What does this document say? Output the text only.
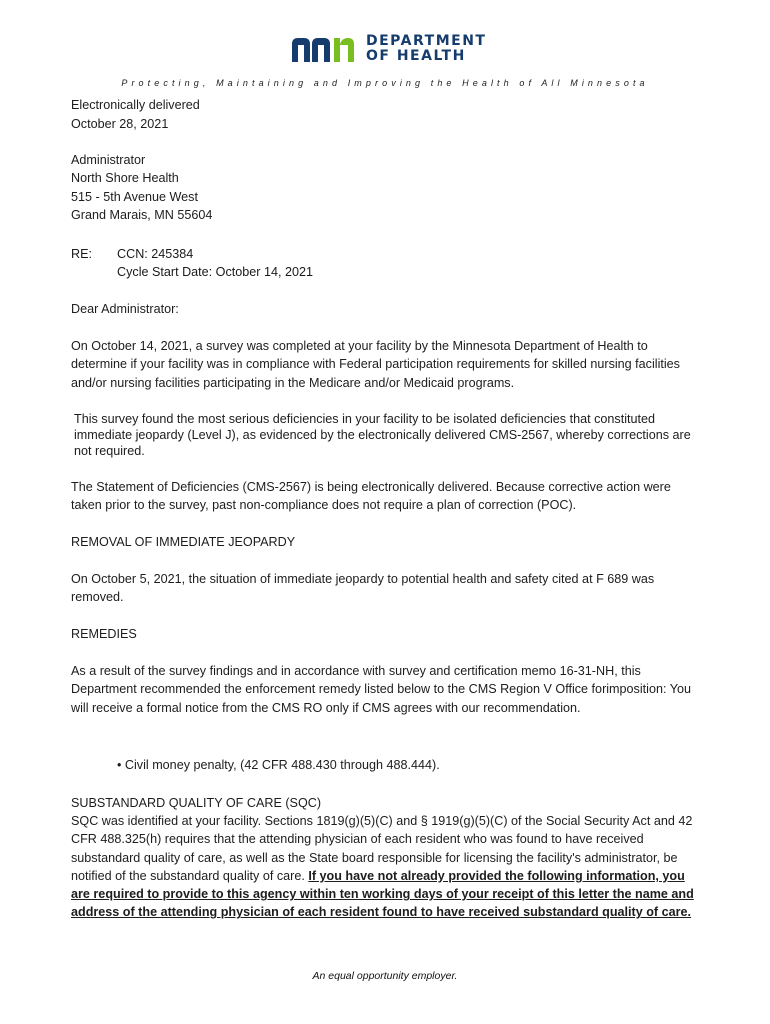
DEPARTMENT
OF HEALTH
Protecting, Maintaining and Improving the Health of All Minnesota
Electronically delivered
October 28, 2021
Administrator
North Shore Health
515 - 5th Avenue West
Grand Marais, MN 55604
RE: CCN: 245384
Cycle Start Date: October 14, 2021
Dear Administrator:
On October 14, 2021, a survey was completed at your facility by the Minnesota Department of Health to determine if your facility was in compliance with Federal participation requirements for skilled nursing facilities and/or nursing facilities participating in the Medicare and/or Medicaid programs.
This survey found the most serious deficiencies in your facility to be isolated deficiencies that constituted immediate jeopardy (Level J), as evidenced by the electronically delivered CMS-2567, whereby corrections are not required.
The Statement of Deficiencies (CMS-2567) is being electronically delivered. Because corrective action were taken prior to the survey, past non-compliance does not require a plan of correction (POC).
REMOVAL OF IMMEDIATE JEOPARDY
On October 5, 2021, the situation of immediate jeopardy to potential health and safety cited at F 689 was removed.
REMEDIES
As a result of the survey findings and in accordance with survey and certification memo 16-31-NH, this Department recommended the enforcement remedy listed below to the CMS Region V Office forimposition: You will receive a formal notice from the CMS RO only if CMS agrees with our recommendation.
• Civil money penalty, (42 CFR 488.430 through 488.444).
SUBSTANDARD QUALITY OF CARE (SQC)
SQC was identified at your facility. Sections 1819(g)(5)(C) and § 1919(g)(5)(C) of the Social Security Act and 42 CFR 488.325(h) requires that the attending physician of each resident who was found to have received substandard quality of care, as well as the State board responsible for licensing the facility's administrator, be notified of the substandard quality of care. If you have not already provided the following information, you are required to provide to this agency within ten working days of your receipt of this letter the name and address of the attending physician of each resident found to have received substandard quality of care.
An equal opportunity employer.
